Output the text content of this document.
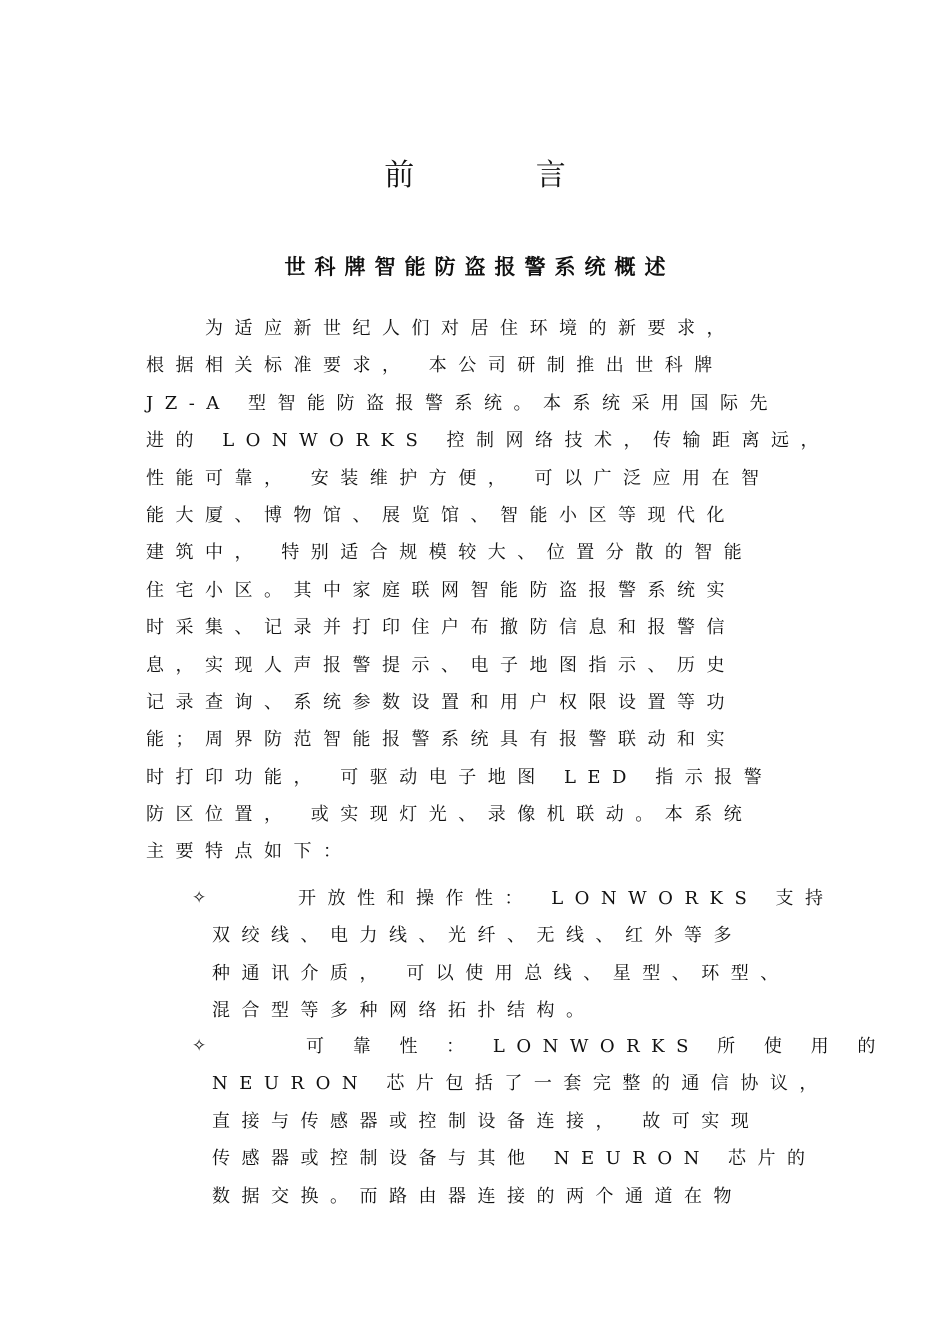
前 言
世科牌智能防盗报警系统概述
　　为适应新世纪人们对居住环境的新要求，
根据相关标准要求， 本公司研制推出世科牌
JZ-A 型智能防盗报警系统。本系统采用国际先
进的 LONWORKS 控制网络技术，传输距离远，
性能可靠， 安装维护方便， 可以广泛应用在智
能大厦、博物馆、展览馆、智能小区等现代化
建筑中， 特别适合规模较大、位置分散的智能
住宅小区。其中家庭联网智能防盗报警系统实
时采集、记录并打印住户布撤防信息和报警信
息，实现人声报警提示、电子地图指示、历史
记录查询、系统参数设置和用户权限设置等功
能；周界防范智能报警系统具有报警联动和实
时打印功能， 可驱动电子地图 LED 指示报警
防区位置， 或实现灯光、录像机联动。本系统
主要特点如下：
✧	开放性和操作性： LONWORKS 支持
双绞线、电力线、光纤、无线、红外等多
种通讯介质， 可以使用总线、星型、环型、
混合型等多种网络拓扑结构。
✧	可 靠 性 ： LONWORKS 所 使 用 的
NEURON 芯片包括了一套完整的通信协议，
直接与传感器或控制设备连接， 故可实现
传感器或控制设备与其他 NEURON 芯片的
数据交换。而路由器连接的两个通道在物
